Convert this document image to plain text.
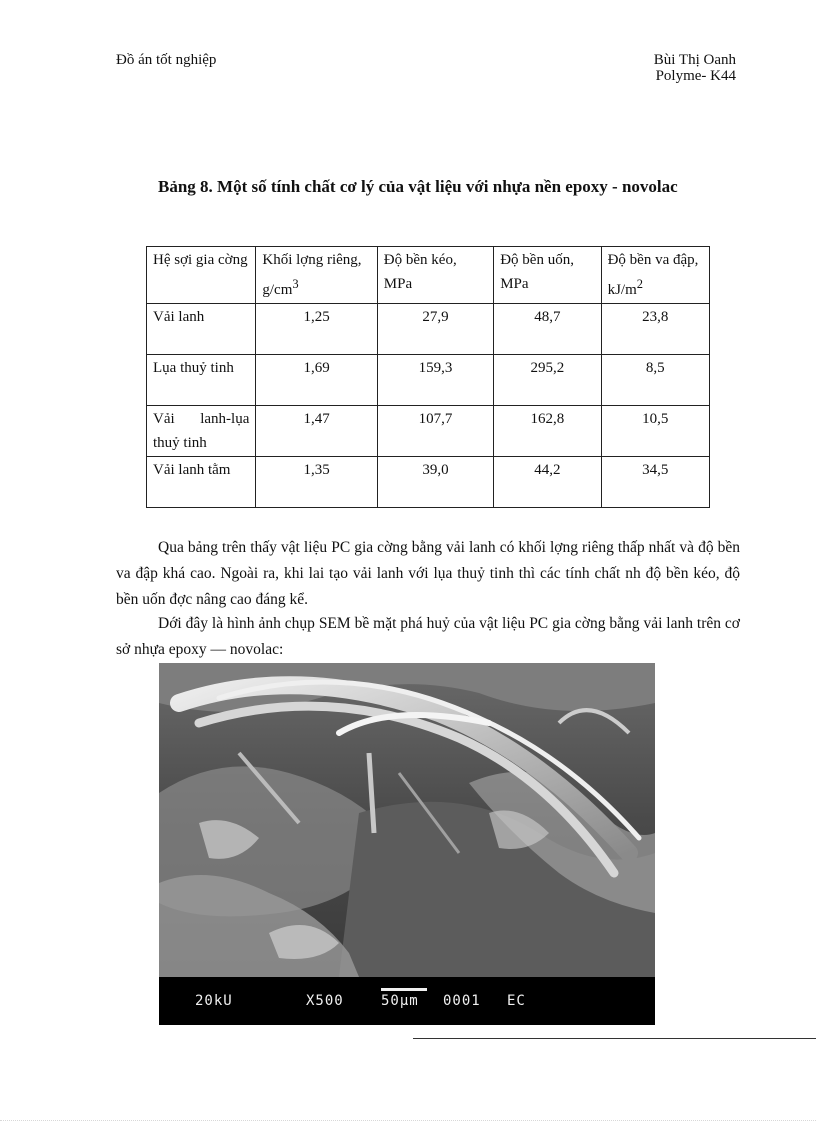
Đồ án tốt nghiệp	Bùi Thị Oanh
Polyme- K44
Bảng 8. Một số tính chất cơ lý của vật liệu với nhựa nền epoxy - novolac
Hệ sợi gia cờng	Khối lợng riêng, $g/cm^3$	Độ bền kéo, MPa	Độ bền uốn, MPa	Độ bền va đập, $kJ/m^2$
Vải lanh	1,25	27,9	48,7	23,8
Lụa thuỷ tinh	1,69	159,3	295,2	8,5
Vải lanh-lụa thuỷ tinh	1,47	107,7	162,8	10,5
Vải lanh tằm	1,35	39,0	44,2	34,5

Qua bảng trên thấy vật liệu PC gia cờng bằng vải lanh có khối lợng riêng thấp nhất và độ bền va đập khá cao. Ngoài ra, khi lai tạo vải lanh với lụa thuỷ tinh thì các tính chất nh độ bền kéo, độ bền uốn đợc nâng cao đáng kể.

Dới đây là hình ảnh chụp SEM bề mặt phá huỷ của vật liệu PC gia cờng bằng vải lanh trên cơ sở nhựa epoxy — novolac:

20kU	X500	50µm 0001 EC
